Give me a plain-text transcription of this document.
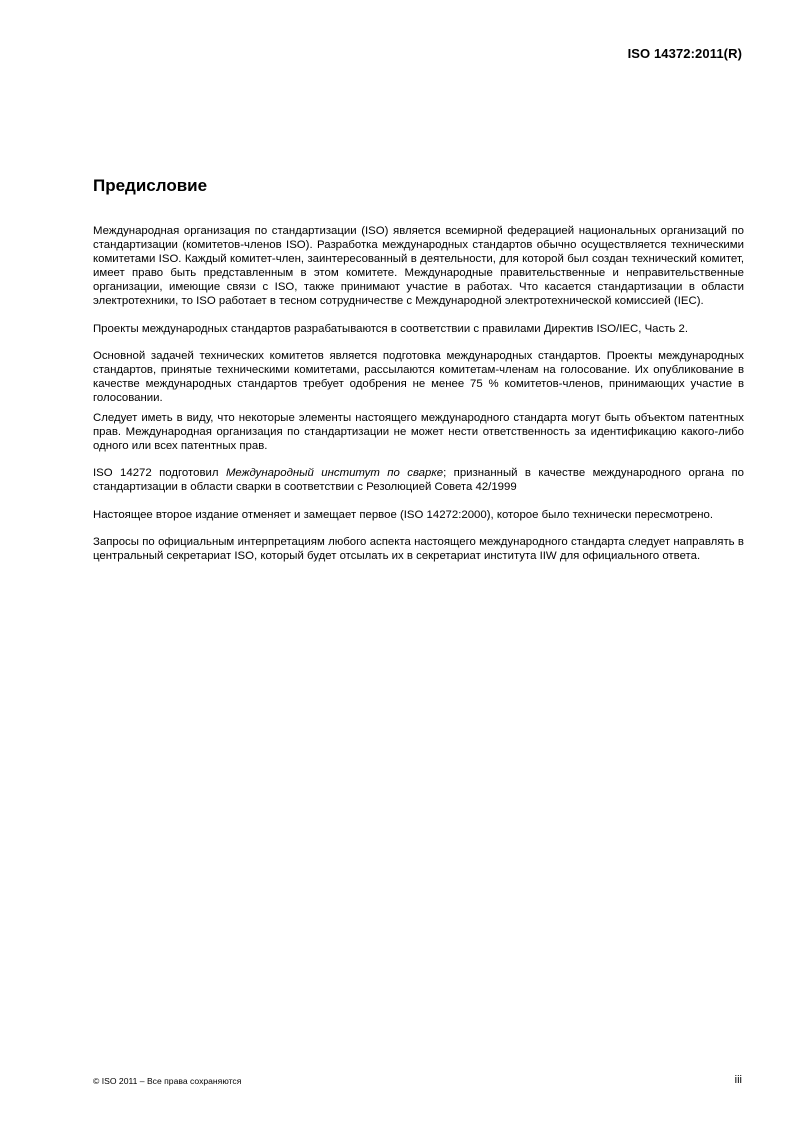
ISO 14372:2011(R)
Предисловие

Международная организация по стандартизации (ISO) является всемирной федерацией национальных организаций по стандартизации (комитетов-членов ISO). Разработка международных стандартов обычно осуществляется техническими комитетами ISO. Каждый комитет-член, заинтересованный в деятельности, для которой был создан технический комитет, имеет право быть представленным в этом комитете. Международные правительственные и неправительственные организации, имеющие связи с ISO, также принимают участие в работах. Что касается стандартизации в области электротехники, то ISO работает в тесном сотрудничестве с Международной электротехнической комиссией (IEC).

Проекты международных стандартов разрабатываются в соответствии с правилами Директив ISO/IEC, Часть 2.

Основной задачей технических комитетов является подготовка международных стандартов. Проекты международных стандартов, принятые техническими комитетами, рассылаются комитетам-членам на голосование. Их опубликование в качестве международных стандартов требует одобрения не менее 75 % комитетов-членов, принимающих участие в голосовании.

Следует иметь в виду, что некоторые элементы настоящего международного стандарта могут быть объектом патентных прав. Международная организация по стандартизации не может нести ответственность за идентификацию какого-либо одного или всех патентных прав.

ISO 14272 подготовил Международный институт по сварке; признанный в качестве международного органа по стандартизации в области сварки в соответствии с Резолюцией Совета 42/1999

Настоящее второе издание отменяет и замещает первое (ISO 14272:2000), которое было технически пересмотрено.

Запросы по официальным интерпретациям любого аспекта настоящего международного стандарта следует направлять в центральный секретариат ISO, который будет отсылать их в секретариат института IIW для официального ответа.

© ISO 2011 – Все права сохраняются	iii
